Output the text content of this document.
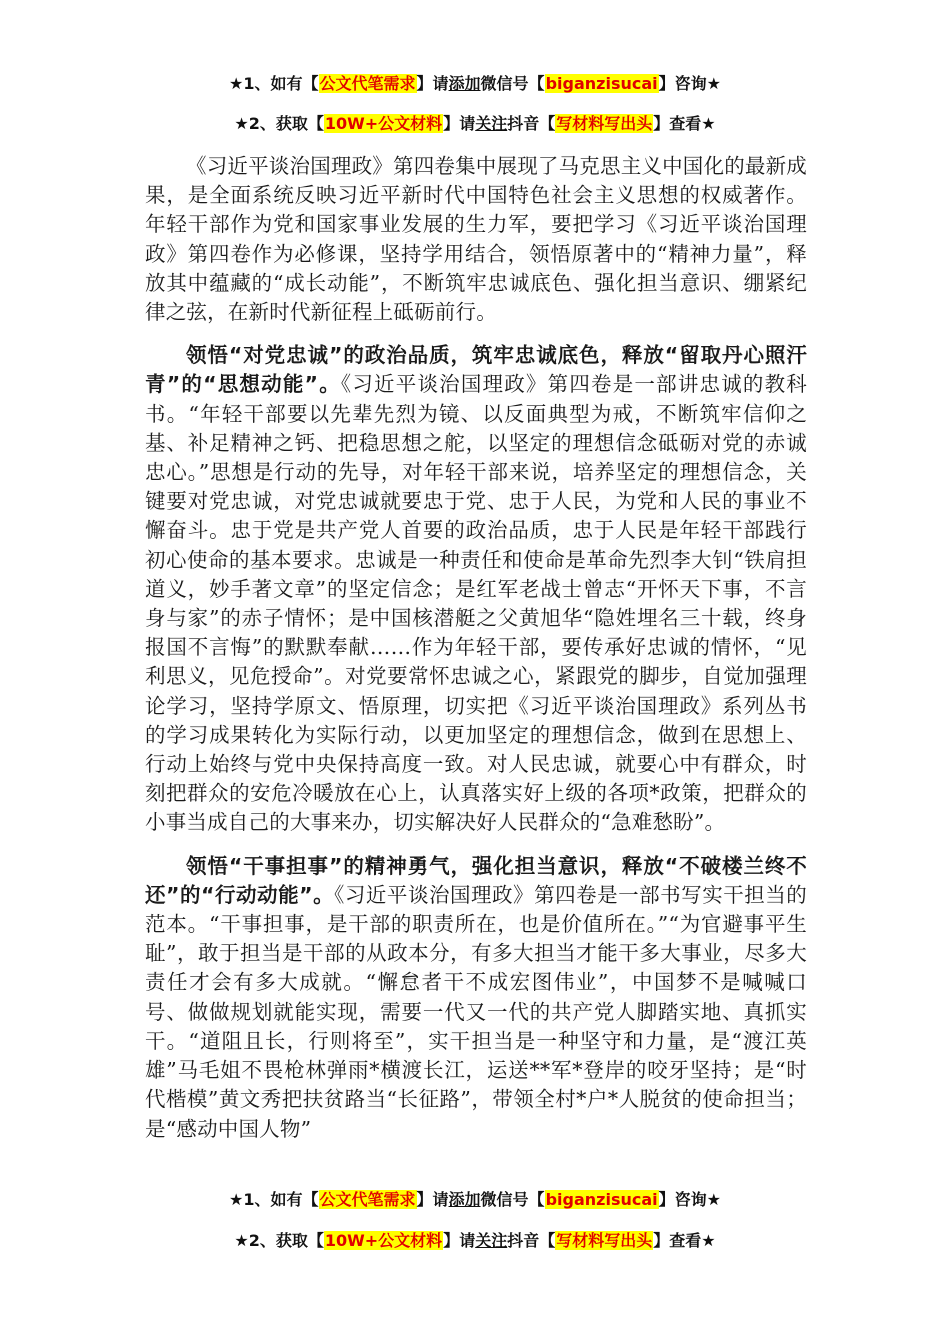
★1、如有【公文代笔需求】请添加微信号【biganzisucai】咨询★
★2、获取【10W+公文材料】请关注抖音【写材料写出头】查看★

《习近平谈治国理政》第四卷集中展现了马克思主义中国化的最新成果，是全面系统反映习近平新时代中国特色社会主义思想的权威著作。年轻干部作为党和国家事业发展的生力军，要把学习《习近平谈治国理政》第四卷作为必修课，坚持学用结合，领悟原著中的“精神力量”，释放其中蕴藏的“成长动能”，不断筑牢忠诚底色、强化担当意识、绷紧纪律之弦，在新时代新征程上砥砺前行。

领悟“对党忠诚”的政治品质，筑牢忠诚底色，释放“留取丹心照汗青”的“思想动能”。《习近平谈治国理政》第四卷是一部讲忠诚的教科书。“年轻干部要以先辈先烈为镜、以反面典型为戒，不断筑牢信仰之基、补足精神之钙、把稳思想之舵，以坚定的理想信念砥砺对党的赤诚忠心。”思想是行动的先导，对年轻干部来说，培养坚定的理想信念，关键要对党忠诚，对党忠诚就要忠于党、忠于人民，为党和人民的事业不懈奋斗。忠于党是共产党人首要的政治品质，忠于人民是年轻干部践行初心使命的基本要求。忠诚是一种责任和使命是革命先烈李大钊“铁肩担道义，妙手著文章”的坚定信念；是红军老战士曾志“开怀天下事，不言身与家”的赤子情怀；是中国核潜艇之父黄旭华“隐姓埋名三十载，终身报国不言悔”的默默奉献……作为年轻干部，要传承好忠诚的情怀，“见利思义，见危授命”。对党要常怀忠诚之心，紧跟党的脚步，自觉加强理论学习，坚持学原文、悟原理，切实把《习近平谈治国理政》系列丛书的学习成果转化为实际行动，以更加坚定的理想信念，做到在思想上、行动上始终与党中央保持高度一致。对人民忠诚，就要心中有群众，时刻把群众的安危冷暖放在心上，认真落实好上级的各项*政策，把群众的小事当成自己的大事来办，切实解决好人民群众的“急难愁盼”。

领悟“干事担事”的精神勇气，强化担当意识，释放“不破楼兰终不还”的“行动动能”。《习近平谈治国理政》第四卷是一部书写实干担当的范本。“干事担事，是干部的职责所在，也是价值所在。”“为官避事平生耻”，敢于担当是干部的从政本分，有多大担当才能干多大事业，尽多大责任才会有多大成就。“懈怠者干不成宏图伟业”，中国梦不是喊喊口号、做做规划就能实现，需要一代又一代的共产党人脚踏实地、真抓实干。“道阻且长，行则将至”，实干担当是一种坚守和力量，是“渡江英雄”马毛姐不畏枪林弹雨*横渡长江，运送**军*登岸的咬牙坚持；是“时代楷模”黄文秀把扶贫路当“长征路”，带领全村*户*人脱贫的使命担当；是“感动中国人物”

★1、如有【公文代笔需求】请添加微信号【biganzisucai】咨询★
★2、获取【10W+公文材料】请关注抖音【写材料写出头】查看★
